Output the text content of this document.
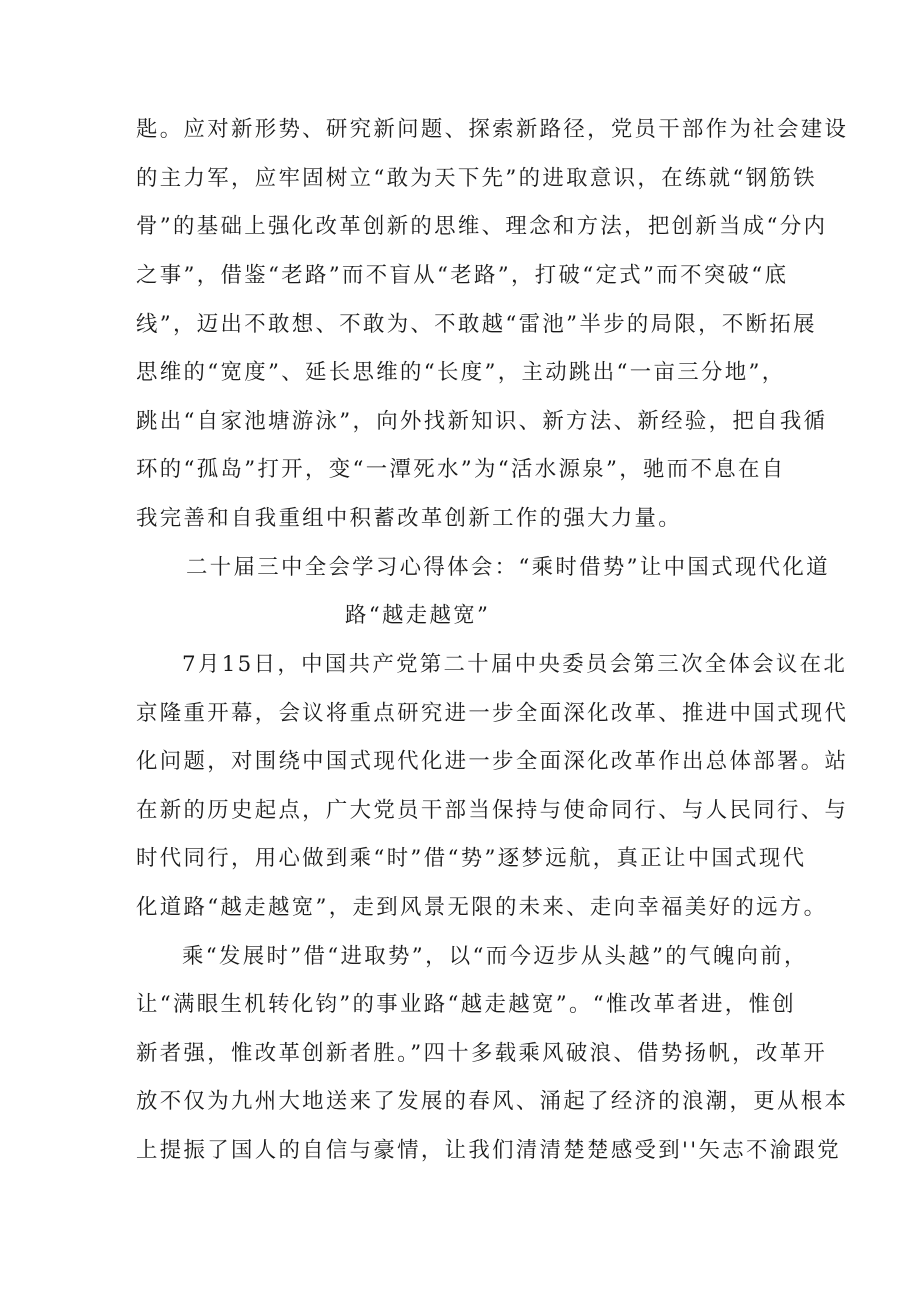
匙。应对新形势、研究新问题、探索新路径，党员干部作为社会建设
的主力军，应牢固树立“敢为天下先”的进取意识，在练就“钢筋铁
骨”的基础上强化改革创新的思维、理念和方法，把创新当成“分内
之事”，借鉴“老路”而不盲从“老路”，打破“定式”而不突破“底
线”，迈出不敢想、不敢为、不敢越“雷池”半步的局限，不断拓展
思维的“宽度”、延长思维的“长度”，主动跳出“一亩三分地”，
跳出“自家池塘游泳”，向外找新知识、新方法、新经验，把自我循
环的“孤岛”打开，变“一潭死水”为“活水源泉”，驰而不息在自
我完善和自我重组中积蓄改革创新工作的强大力量。
二十届三中全会学习心得体会：“乘时借势”让中国式现代化道
路“越走越宽”
7月15日，中国共产党第二十届中央委员会第三次全体会议在北
京隆重开幕，会议将重点研究进一步全面深化改革、推进中国式现代
化问题，对围绕中国式现代化进一步全面深化改革作出总体部署。站
在新的历史起点，广大党员干部当保持与使命同行、与人民同行、与
时代同行，用心做到乘“时”借“势”逐梦远航，真正让中国式现代
化道路“越走越宽”，走到风景无限的未来、走向幸福美好的远方。
乘“发展时”借“进取势”，以“而今迈步从头越”的气魄向前，
让“满眼生机转化钧”的事业路“越走越宽”。“惟改革者进，惟创
新者强，惟改革创新者胜。”四十多载乘风破浪、借势扬帆，改革开
放不仅为九州大地送来了发展的春风、涌起了经济的浪潮，更从根本
上提振了国人的自信与豪情，让我们清清楚楚感受到''矢志不渝跟党
